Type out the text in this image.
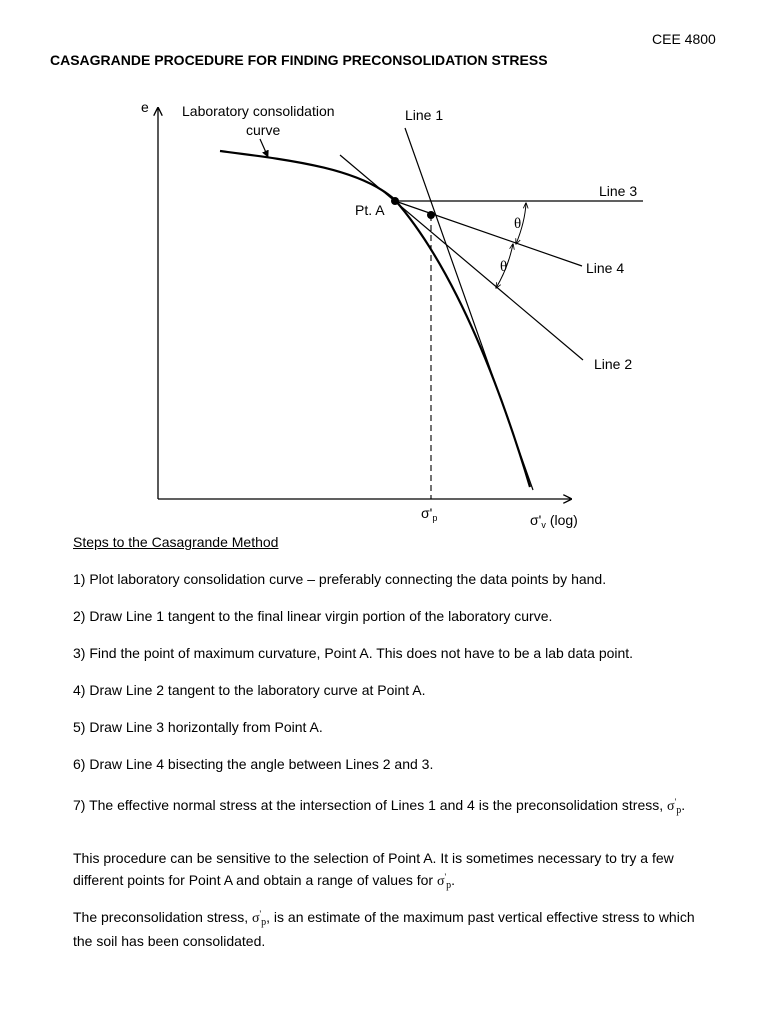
CEE 4800
CASAGRANDE PROCEDURE FOR FINDING PRECONSOLIDATION STRESS
e
θ
θ
Laboratory consolidation
curve
Line 1
Line 3
Line 4
Line 2
Pt. A
$\sigma'_p$	$\sigma'_v$ (log)
Steps to the Casagrande Method
1) Plot laboratory consolidation curve – preferably connecting the data points by hand.
2) Draw Line 1 tangent to the final linear virgin portion of the laboratory curve.
3) Find the point of maximum curvature, Point A. This does not have to be a lab data point.
4) Draw Line 2 tangent to the laboratory curve at Point A.
5) Draw Line 3 horizontally from Point A.
6) Draw Line 4 bisecting the angle between Lines 2 and 3.
7) The effective normal stress at the intersection of Lines 1 and 4 is the preconsolidation stress, $\sigma'_p$.
This procedure can be sensitive to the selection of Point A. It is sometimes necessary to try a few different points for Point A and obtain a range of values for $\sigma'_p$.
The preconsolidation stress, $\sigma'_p$, is an estimate of the maximum past vertical effective stress to which the soil has been consolidated.
